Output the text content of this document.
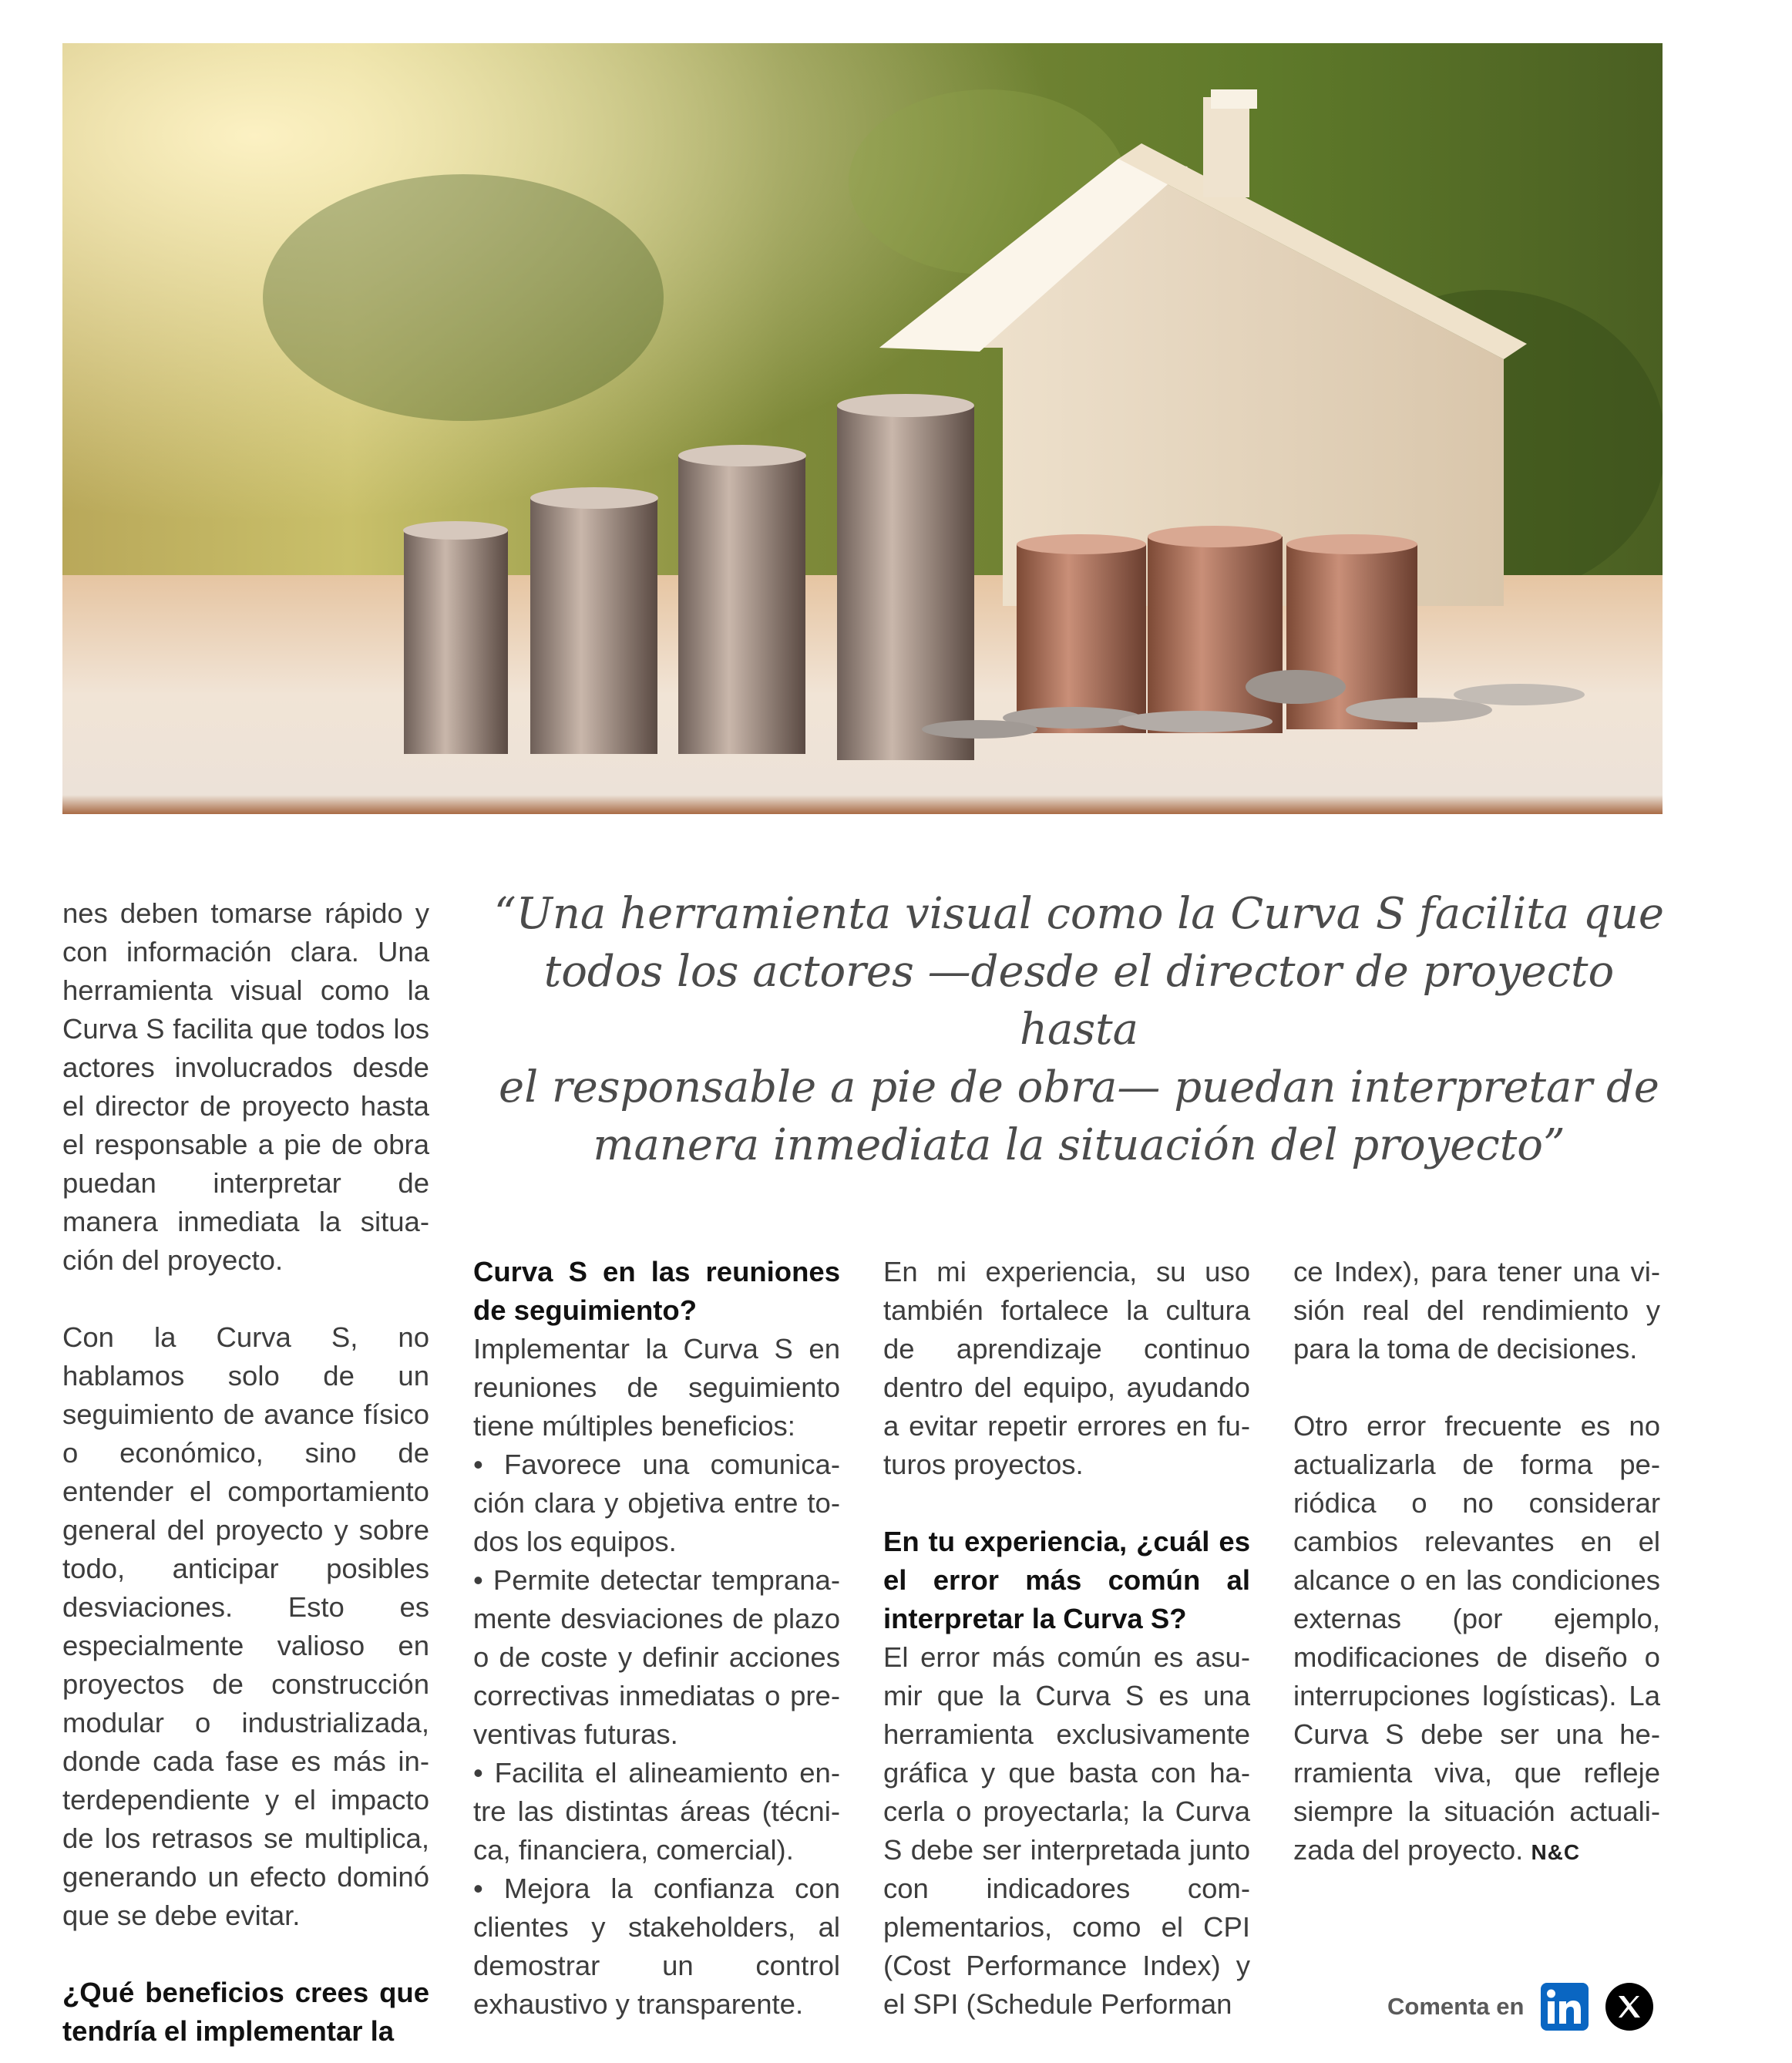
“Una herramienta visual como la Curva S facilita que
todos los actores —desde el director de proyecto hasta
el responsable a pie de obra— puedan interpretar de
manera inmediata la situación del proyecto”

nes deben tomarse rápido y con información clara. Una herramienta visual como la Curva S facilita que todos los actores involucrados desde el director de proyecto hasta el responsable a pie de obra puedan interpretar de manera inmediata la situación del proyecto.

Con la Curva S, no hablamos solo de un seguimiento de avance físico o económico, sino de entender el comportamiento general del proyecto y sobre todo, anticipar posibles desviaciones. Esto es especialmente valioso en proyectos de construcción modular o industrializada, donde cada fase es más interdependiente y el impacto de los retrasos se multiplica, generando un efecto dominó que se debe evitar.

¿Qué beneficios crees que tendría el implementar la
Curva S en las reuniones de seguimiento?

Implementar la Curva S en reuniones de seguimiento tiene múltiples beneficios:

• Favorece una comunicación clara y objetiva entre todos los equipos.
• Permite detectar tempranamente desviaciones de plazo o de coste y definir acciones correctivas inmediatas o preventivas futuras.
• Facilita el alineamiento entre las distintas áreas (técnica, financiera, comercial).
• Mejora la confianza con clientes y stakeholders, al demostrar un control exhaustivo y transparente.

En mi experiencia, su uso también fortalece la cultura de aprendizaje continuo dentro del equipo, ayudando a evitar repetir errores en futuros proyectos.

En tu experiencia, ¿cuál es el error más común al interpretar la Curva S?

El error más común es asumir que la Curva S es una herramienta exclusivamente gráfica y que basta con hacerla o proyectarla; la Curva S debe ser interpretada junto con indicadores complementarios, como el CPI (Cost Performance Index) y el SPI (Schedule Performan

ce Index), para tener una visión real del rendimiento y para la toma de decisiones.

Otro error frecuente es no actualizarla de forma periódica o no considerar cambios relevantes en el alcance o en las condiciones externas (por ejemplo, modificaciones de diseño o interrupciones logísticas). La Curva S debe ser una herramienta viva, que refleje siempre la situación actualizada del proyecto. N&C

Comenta en
